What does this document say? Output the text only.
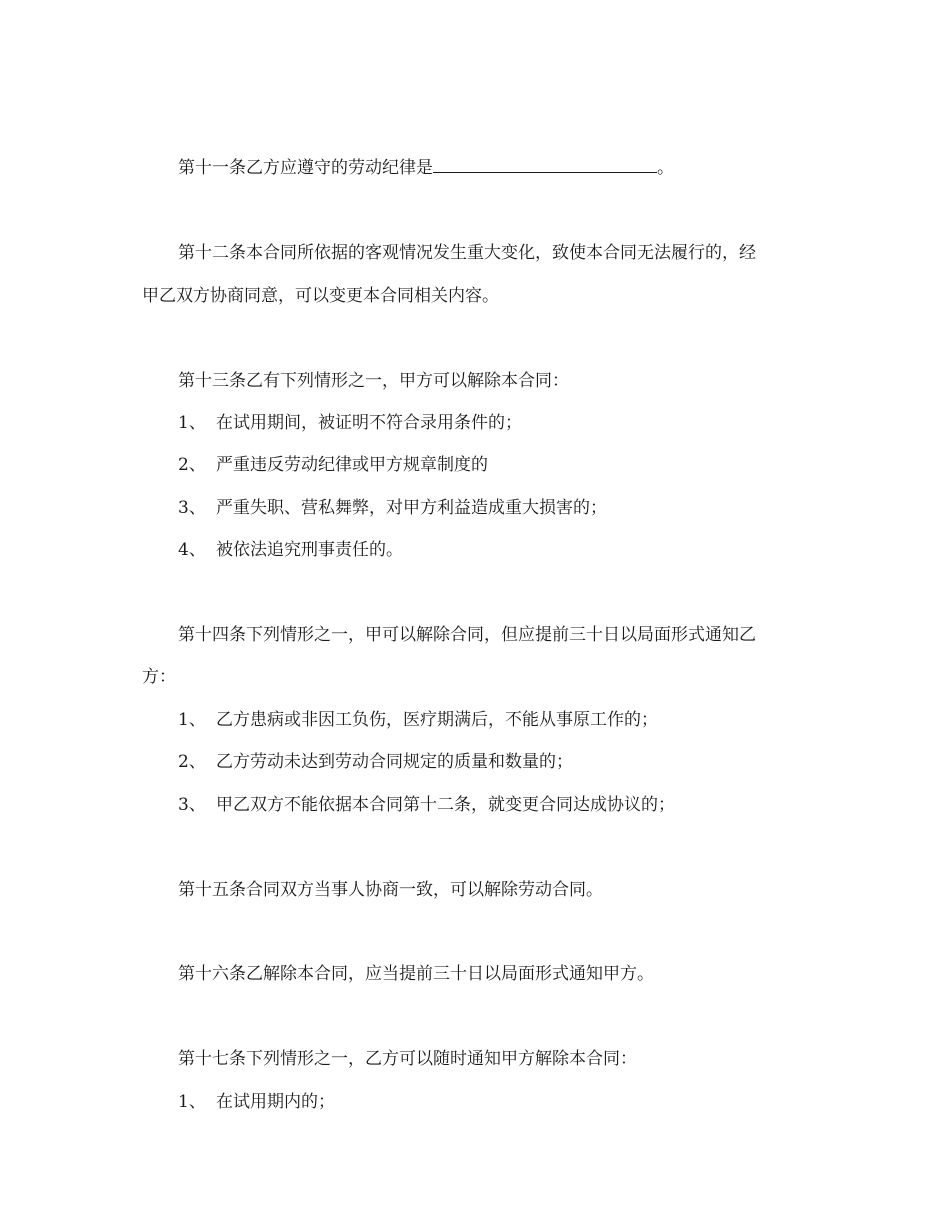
第十一条乙方应遵守的劳动纪律是	。
第十二条本合同所依据的客观情况发生重大变化，致使本合同无法履行的，经
甲乙双方协商同意，可以变更本合同相关内容。
第十三条乙有下列情形之一，甲方可以解除本合同：
1、 在试用期间，被证明不符合录用条件的；
2、 严重违反劳动纪律或甲方规章制度的
3、 严重失职、营私舞弊，对甲方利益造成重大损害的；
4、 被依法追究刑事责任的。
第十四条下列情形之一，甲可以解除合同，但应提前三十日以局面形式通知乙
方：
1、 乙方患病或非因工负伤，医疗期满后，不能从事原工作的；
2、 乙方劳动未达到劳动合同规定的质量和数量的；
3、 甲乙双方不能依据本合同第十二条，就变更合同达成协议的；
第十五条合同双方当事人协商一致，可以解除劳动合同。
第十六条乙解除本合同，应当提前三十日以局面形式通知甲方。
第十七条下列情形之一，乙方可以随时通知甲方解除本合同：
1、 在试用期内的；
